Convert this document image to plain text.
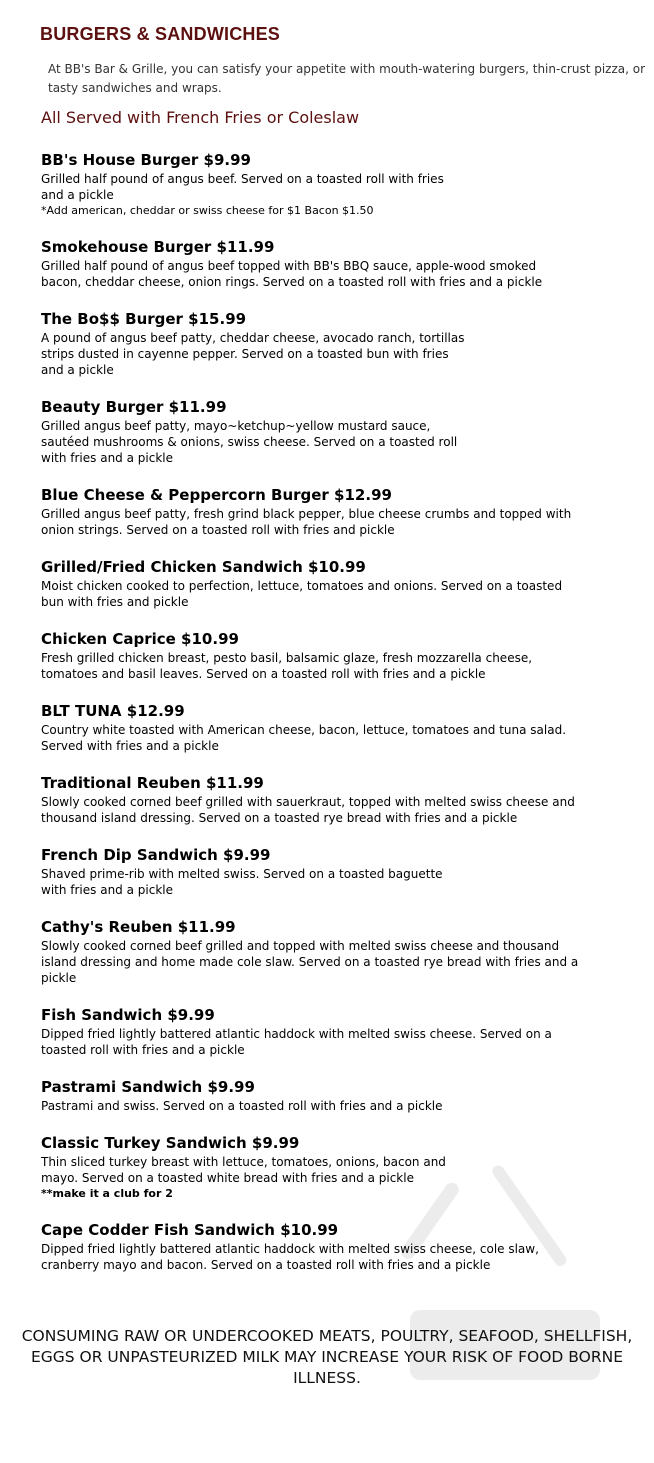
BURGERS & SANDWICHES
At BB's Bar & Grille, you can satisfy your appetite with mouth-watering burgers, thin-crust pizza, or tasty sandwiches and wraps.
All Served with French Fries or Coleslaw
BB's House Burger $9.99
Grilled half pound of angus beef. Served on a toasted roll with fries
and a pickle
*Add american, cheddar or swiss cheese for $1 Bacon $1.50
Smokehouse Burger $11.99
Grilled half pound of angus beef topped with BB's BBQ sauce, apple-wood smoked
bacon, cheddar cheese, onion rings. Served on a toasted roll with fries and a pickle
The Bo$$ Burger $15.99
A pound of angus beef patty, cheddar cheese, avocado ranch, tortillas
strips dusted in cayenne pepper. Served on a toasted bun with fries
and a pickle
Beauty Burger $11.99
Grilled angus beef patty, mayo~ketchup~yellow mustard sauce,
sautéed mushrooms & onions, swiss cheese. Served on a toasted roll
with fries and a pickle
Blue Cheese & Peppercorn Burger $12.99
Grilled angus beef patty, fresh grind black pepper, blue cheese crumbs and topped with
onion strings. Served on a toasted roll with fries and pickle
Grilled/Fried Chicken Sandwich $10.99
Moist chicken cooked to perfection, lettuce, tomatoes and onions. Served on a toasted
bun with fries and pickle
Chicken Caprice $10.99
Fresh grilled chicken breast, pesto basil, balsamic glaze, fresh mozzarella cheese,
tomatoes and basil leaves. Served on a toasted roll with fries and a pickle
BLT TUNA $12.99
Country white toasted with American cheese, bacon, lettuce, tomatoes and tuna salad.
Served with fries and a pickle
Traditional Reuben $11.99
Slowly cooked corned beef grilled with sauerkraut, topped with melted swiss cheese and
thousand island dressing. Served on a toasted rye bread with fries and a pickle
French Dip Sandwich $9.99
Shaved prime-rib with melted swiss. Served on a toasted baguette
with fries and a pickle
Cathy's Reuben $11.99
Slowly cooked corned beef grilled and topped with melted swiss cheese and thousand
island dressing and home made cole slaw. Served on a toasted rye bread with fries and a
pickle
Fish Sandwich $9.99
Dipped fried lightly battered atlantic haddock with melted swiss cheese. Served on a
toasted roll with fries and a pickle
Pastrami Sandwich $9.99
Pastrami and swiss. Served on a toasted roll with fries and a pickle
Classic Turkey Sandwich $9.99
Thin sliced turkey breast with lettuce, tomatoes, onions, bacon and
mayo. Served on a toasted white bread with fries and a pickle
**make it a club for 2
Cape Codder Fish Sandwich $10.99
Dipped fried lightly battered atlantic haddock with melted swiss cheese, cole slaw,
cranberry mayo and bacon. Served on a toasted roll with fries and a pickle
CONSUMING RAW OR UNDERCOOKED MEATS, POULTRY, SEAFOOD, SHELLFISH, EGGS OR UNPASTEURIZED MILK MAY INCREASE YOUR RISK OF FOOD BORNE ILLNESS.
